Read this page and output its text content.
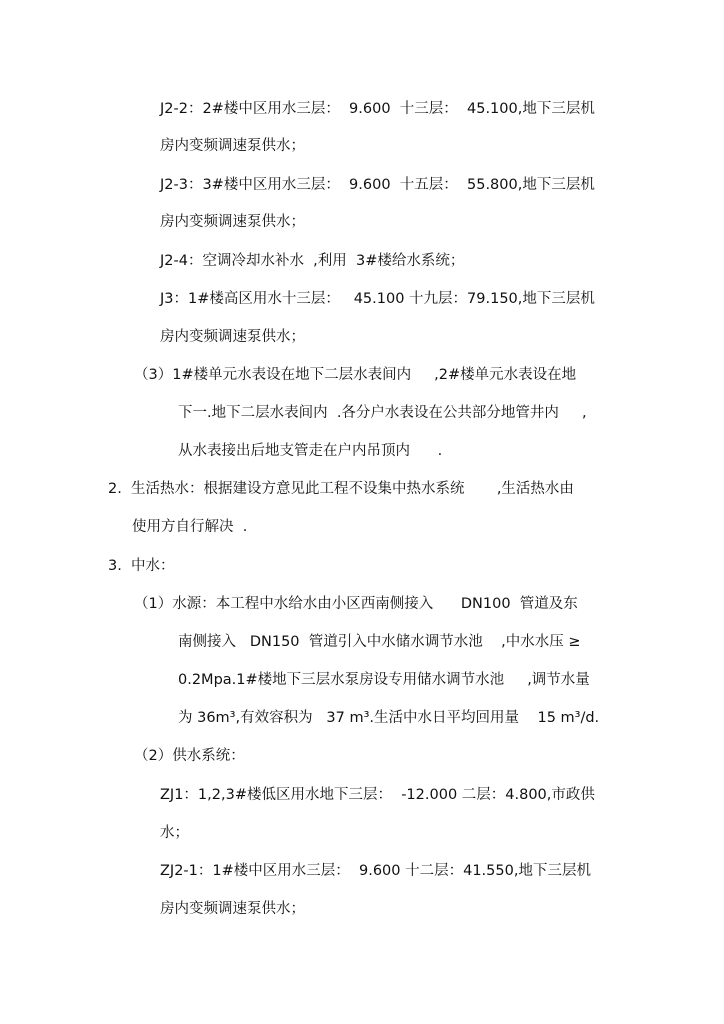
J2-2：2#楼中区用水三层：  9.600  十三层：  45.100,地下三层机
房内变频调速泵供水；
J2-3：3#楼中区用水三层：  9.600  十五层：  55.800,地下三层机
房内变频调速泵供水；
J2-4：空调冷却水补水  ,利用  3#楼给水系统；
J3：1#楼高区用水十三层：   45.100 十九层：79.150,地下三层机
房内变频调速泵供水；
（3）1#楼单元水表设在地下二层水表间内     ,2#楼单元水表设在地
下一.地下二层水表间内  .各分户水表设在公共部分地管井内     ,
从水表接出后地支管走在户内吊顶内      .
2.  生活热水：根据建设方意见此工程不设集中热水系统       ,生活热水由
使用方自行解决  .
3.  中水：
（1）水源：本工程中水给水由小区西南侧接入      DN100  管道及东
南侧接入   DN150  管道引入中水储水调节水池    ,中水水压 ≥
0.2Mpa.1#楼地下三层水泵房设专用储水调节水池     ,调节水量
为 36m³,有效容积为   37 m³.生活中水日平均回用量    15 m³/d.
（2）供水系统：
ZJ1：1,2,3#楼低区用水地下三层：  -12.000 二层：4.800,市政供
水；
ZJ2-1：1#楼中区用水三层：  9.600 十二层：41.550,地下三层机
房内变频调速泵供水；
